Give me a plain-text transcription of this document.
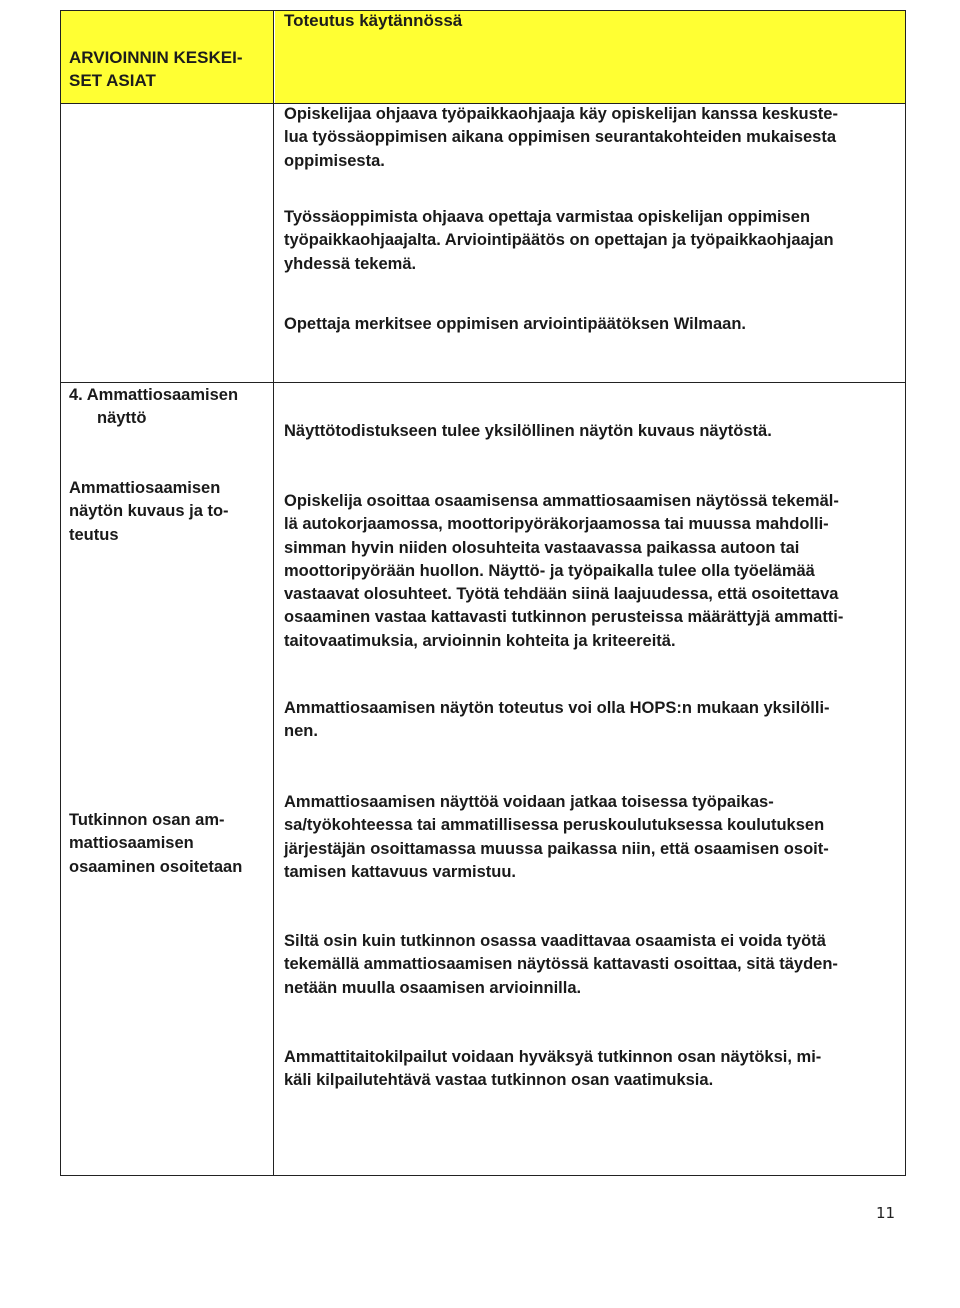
ARVIOINNIN KESKEI-
SET ASIAT
Toteutus käytännössä
Opiskelijaa ohjaava työpaikkaohjaaja käy opiskelijan kanssa keskuste-
lua työssäoppimisen aikana oppimisen seurantakohteiden mukaisesta
oppimisesta.
Työssäoppimista ohjaava opettaja varmistaa opiskelijan oppimisen
työpaikkaohjaajalta. Arviointipäätös on opettajan ja työpaikkaohjaajan
yhdessä tekemä.
Opettaja merkitsee oppimisen arviointipäätöksen Wilmaan.
4. Ammattiosaamisen
näyttö
Näyttötodistukseen tulee yksilöllinen näytön kuvaus näytöstä.
Ammattiosaamisen
näytön kuvaus ja to-
teutus
Opiskelija osoittaa osaamisensa ammattiosaamisen näytössä tekemäl-
lä autokorjaamossa, moottoripyöräkorjaamossa tai muussa mahdolli-
simman hyvin niiden olosuhteita vastaavassa paikassa autoon tai
moottoripyörään huollon. Näyttö- ja työpaikalla tulee olla työelämää
vastaavat olosuhteet. Työtä tehdään siinä laajuudessa, että osoitettava
osaaminen vastaa kattavasti tutkinnon perusteissa määrättyjä ammatti-
taitovaatimuksia, arvioinnin kohteita ja kriteereitä.
Ammattiosaamisen näytön toteutus voi olla HOPS:n mukaan yksilölli-
nen.
Tutkinnon osan am-
mattiosaamisen
osaaminen osoitetaan
Ammattiosaamisen näyttöä voidaan jatkaa toisessa työpaikas-
sa/työkohteessa tai ammatillisessa peruskoulutuksessa koulutuksen
järjestäjän osoittamassa muussa paikassa niin, että osaamisen osoit-
tamisen kattavuus varmistuu.
Siltä osin kuin tutkinnon osassa vaadittavaa osaamista ei voida työtä
tekemällä ammattiosaamisen näytössä kattavasti osoittaa, sitä täyden-
netään muulla osaamisen arvioinnilla.
Ammattitaitokilpailut voidaan hyväksyä tutkinnon osan näytöksi, mi-
käli kilpailutehtävä vastaa tutkinnon osan vaatimuksia.
11
